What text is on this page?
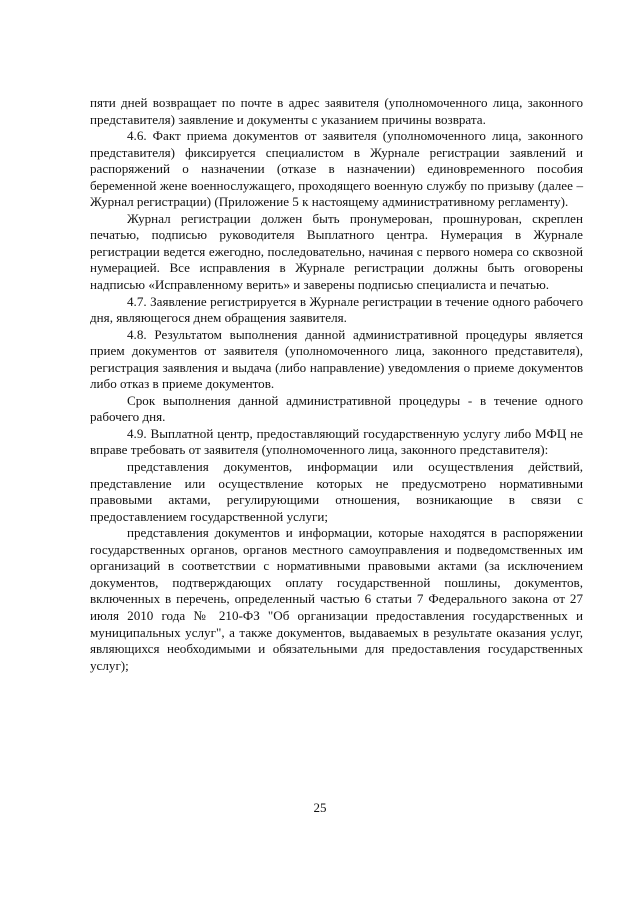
пяти дней возвращает по почте в адрес заявителя (уполномоченного лица, законного представителя) заявление и документы с указанием причины возврата.

4.6. Факт приема документов от заявителя (уполномоченного лица, законного представителя) фиксируется специалистом в Журнале регистрации заявлений и распоряжений о назначении (отказе в назначении) единовременного пособия беременной жене военнослужащего, проходящего военную службу по призыву (далее – Журнал регистрации) (Приложение 5 к настоящему административному регламенту).

Журнал регистрации должен быть пронумерован, прошнурован, скреплен печатью, подписью руководителя Выплатного центра. Нумерация в Журнале регистрации ведется ежегодно, последовательно, начиная с первого номера со сквозной нумерацией. Все исправления в Журнале регистрации должны быть оговорены надписью «Исправленному верить» и заверены подписью специалиста и печатью.

4.7. Заявление регистрируется в Журнале регистрации в течение одного рабочего дня, являющегося днем обращения заявителя.

4.8. Результатом выполнения данной административной процедуры является прием документов от заявителя (уполномоченного лица, законного представителя), регистрация заявления и выдача (либо направление) уведомления о приеме документов либо отказ в приеме документов.

Срок выполнения данной административной процедуры - в течение одного рабочего дня.

4.9. Выплатной центр, предоставляющий государственную услугу либо МФЦ не вправе требовать от заявителя (уполномоченного лица, законного представителя):

представления документов, информации или осуществления действий, представление или осуществление которых не предусмотрено нормативными правовыми актами, регулирующими отношения, возникающие в связи с предоставлением государственной услуги;

представления документов и информации, которые находятся в распоряжении государственных органов, органов местного самоуправления и подведомственных им организаций в соответствии с нормативными правовыми актами (за исключением документов, подтверждающих оплату государственной пошлины, документов, включенных в перечень, определенный частью 6 статьи 7 Федерального закона от 27 июля 2010 года № 210-ФЗ "Об организации предоставления государственных и муниципальных услуг", а также документов, выдаваемых в результате оказания услуг, являющихся необходимыми и обязательными для предоставления государственных услуг);

25
